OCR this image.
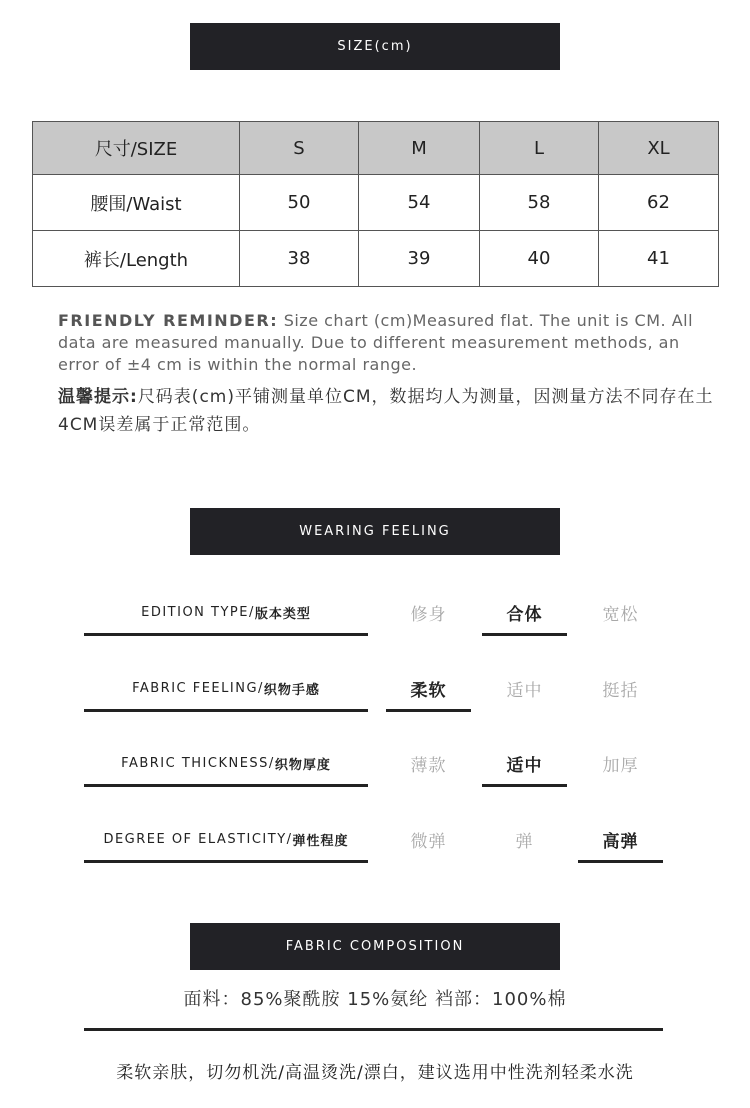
SIZE(cm)
尺寸/SIZE	S	M	L	XL
腰围/Waist	50	54	58	62
裤长/Length	38	39	40	41
FRIENDLY REMINDER: Size chart (cm)Measured flat. The unit is CM. All data are measured manually. Due to different measurement methods, an error of ±4 cm is within the normal range.
温馨提示:尺码表(cm)平铺测量单位CM，数据均人为测量，因测量方法不同存在土4CM误差属于正常范围。
WEARING FEELING
EDITION TYPE/ 版本类型	修身	合体	宽松
FABRIC FEELING/ 织物手感	柔软	适中	挺括
FABRIC THICKNESS/ 织物厚度	薄款	适中	加厚
DEGREE OF ELASTICITY/ 弹性程度	微弹	弹	高弹
FABRIC COMPOSITION
面料：85%聚酰胺 15%氨纶 裆部：100%棉
柔软亲肤，切勿机洗/高温烫洗/漂白，建议选用中性洗剂轻柔水洗
